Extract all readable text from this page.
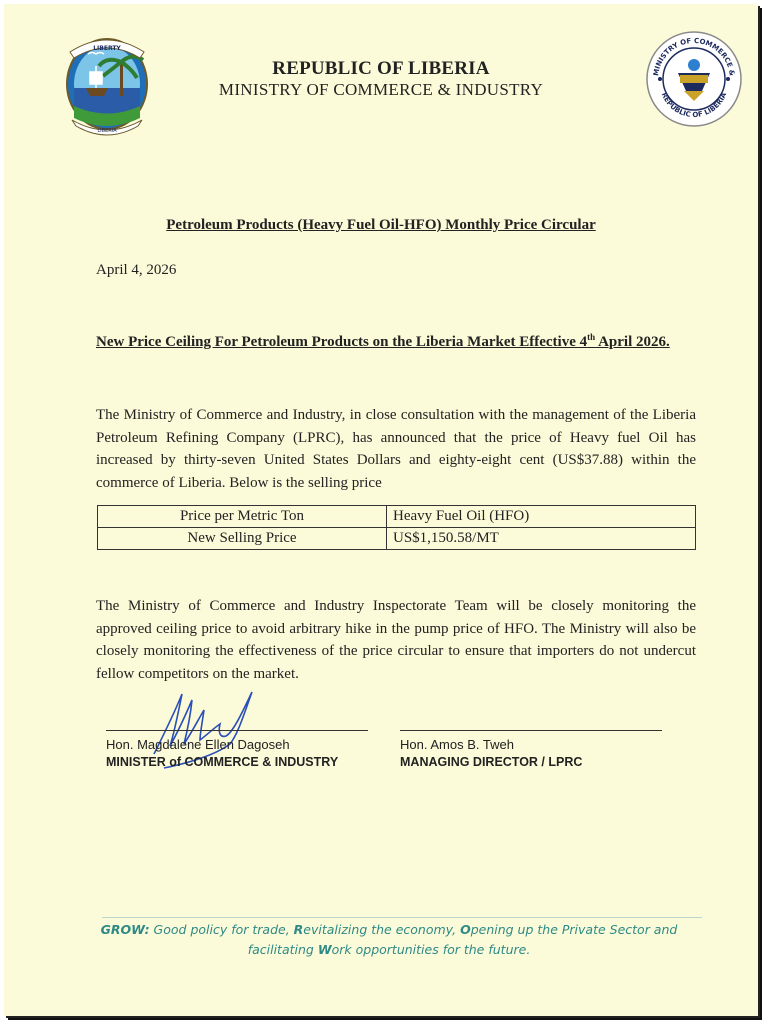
LIBERTY
LIBERIA
MINISTRY OF COMMERCE &
REPUBLIC OF LIBERIA
REPUBLIC OF LIBERIA
MINISTRY OF COMMERCE & INDUSTRY
Petroleum Products (Heavy Fuel Oil-HFO) Monthly Price Circular
April 4, 2026
New Price Ceiling For Petroleum Products on the Liberia Market Effective 4th April 2026.
The Ministry of Commerce and Industry, in close consultation with the management of the Liberia Petroleum Refining Company (LPRC), has announced that the price of Heavy fuel Oil has increased by thirty-seven United States Dollars and eighty-eight cent (US$37.88) within the commerce of Liberia. Below is the selling price
Price per Metric Ton	Heavy Fuel Oil (HFO)
New Selling Price	US$1,150.58/MT
The Ministry of Commerce and Industry Inspectorate Team will be closely monitoring the approved ceiling price to avoid arbitrary hike in the pump price of HFO. The Ministry will also be closely monitoring the effectiveness of the price circular to ensure that importers do not undercut fellow competitors on the market.
Hon. Magdalene Ellen Dagoseh
MINISTER of COMMERCE & INDUSTRY
Hon. Amos B. Tweh
MANAGING DIRECTOR / LPRC
GROW: Good policy for trade, Revitalizing the economy, Opening up the Private Sector and facilitating Work opportunities for the future.
